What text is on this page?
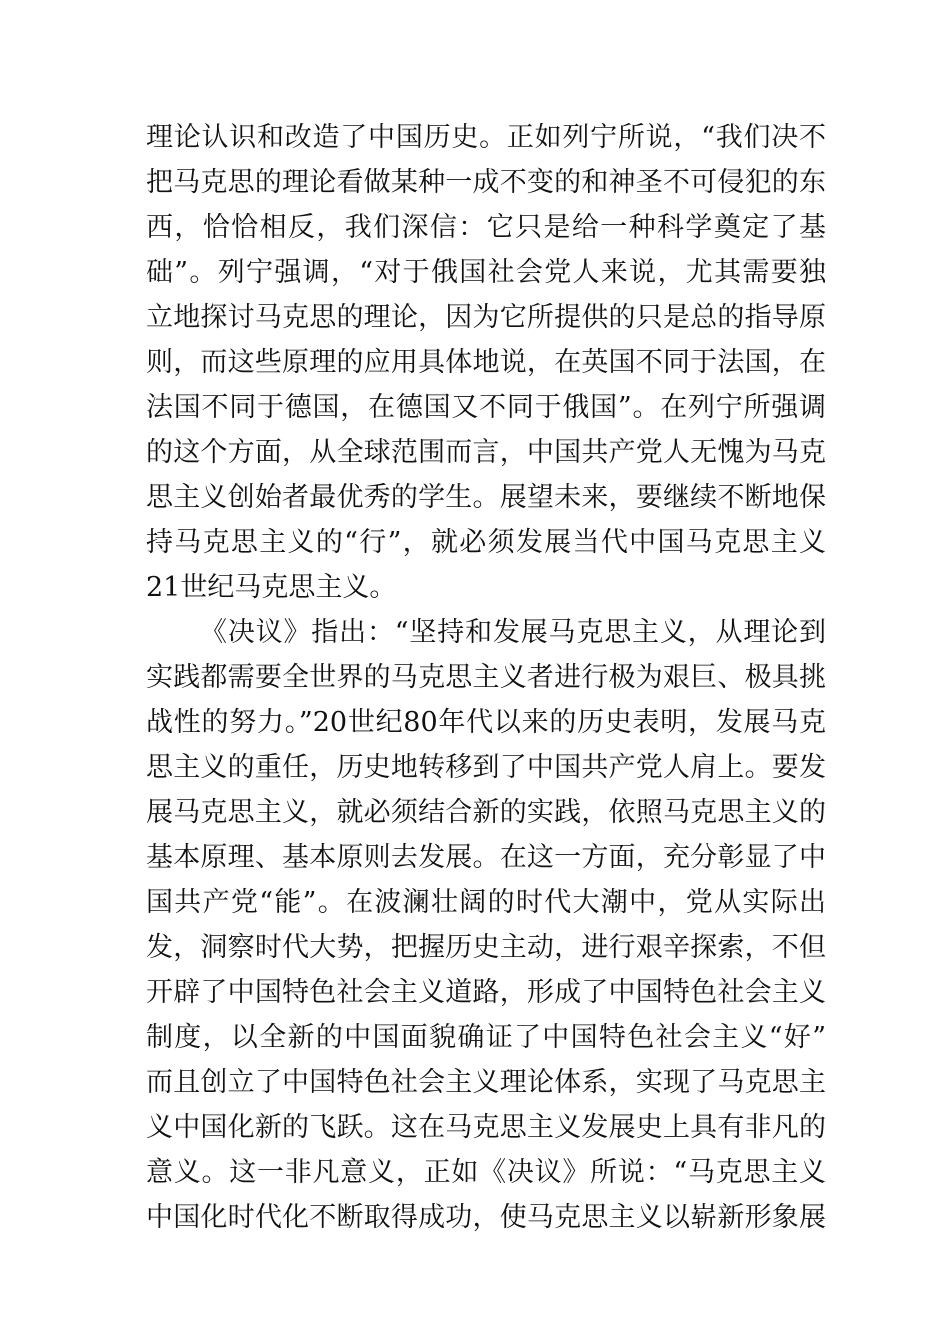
理论认识和改造了中国历史。正如列宁所说，“我们决不
把马克思的理论看做某种一成不变的和神圣不可侵犯的东
西，恰恰相反，我们深信：它只是给一种科学奠定了基
础”。列宁强调，“对于俄国社会党人来说，尤其需要独
立地探讨马克思的理论，因为它所提供的只是总的指导原
则，而这些原理的应用具体地说，在英国不同于法国，在
法国不同于德国，在德国又不同于俄国”。在列宁所强调
的这个方面，从全球范围而言，中国共产党人无愧为马克
思主义创始者最优秀的学生。展望未来，要继续不断地保
持马克思主义的“行”，就必须发展当代中国马克思主义
21世纪马克思主义。
《决议》指出：“坚持和发展马克思主义，从理论到
实践都需要全世界的马克思主义者进行极为艰巨、极具挑
战性的努力。”20世纪80年代以来的历史表明，发展马克
思主义的重任，历史地转移到了中国共产党人肩上。要发
展马克思主义，就必须结合新的实践，依照马克思主义的
基本原理、基本原则去发展。在这一方面，充分彰显了中
国共产党“能”。在波澜壮阔的时代大潮中，党从实际出
发，洞察时代大势，把握历史主动，进行艰辛探索，不但
开辟了中国特色社会主义道路，形成了中国特色社会主义
制度，以全新的中国面貌确证了中国特色社会主义“好”
而且创立了中国特色社会主义理论体系，实现了马克思主
义中国化新的飞跃。这在马克思主义发展史上具有非凡的
意义。这一非凡意义，正如《决议》所说：“马克思主义
中国化时代化不断取得成功，使马克思主义以崭新形象展
